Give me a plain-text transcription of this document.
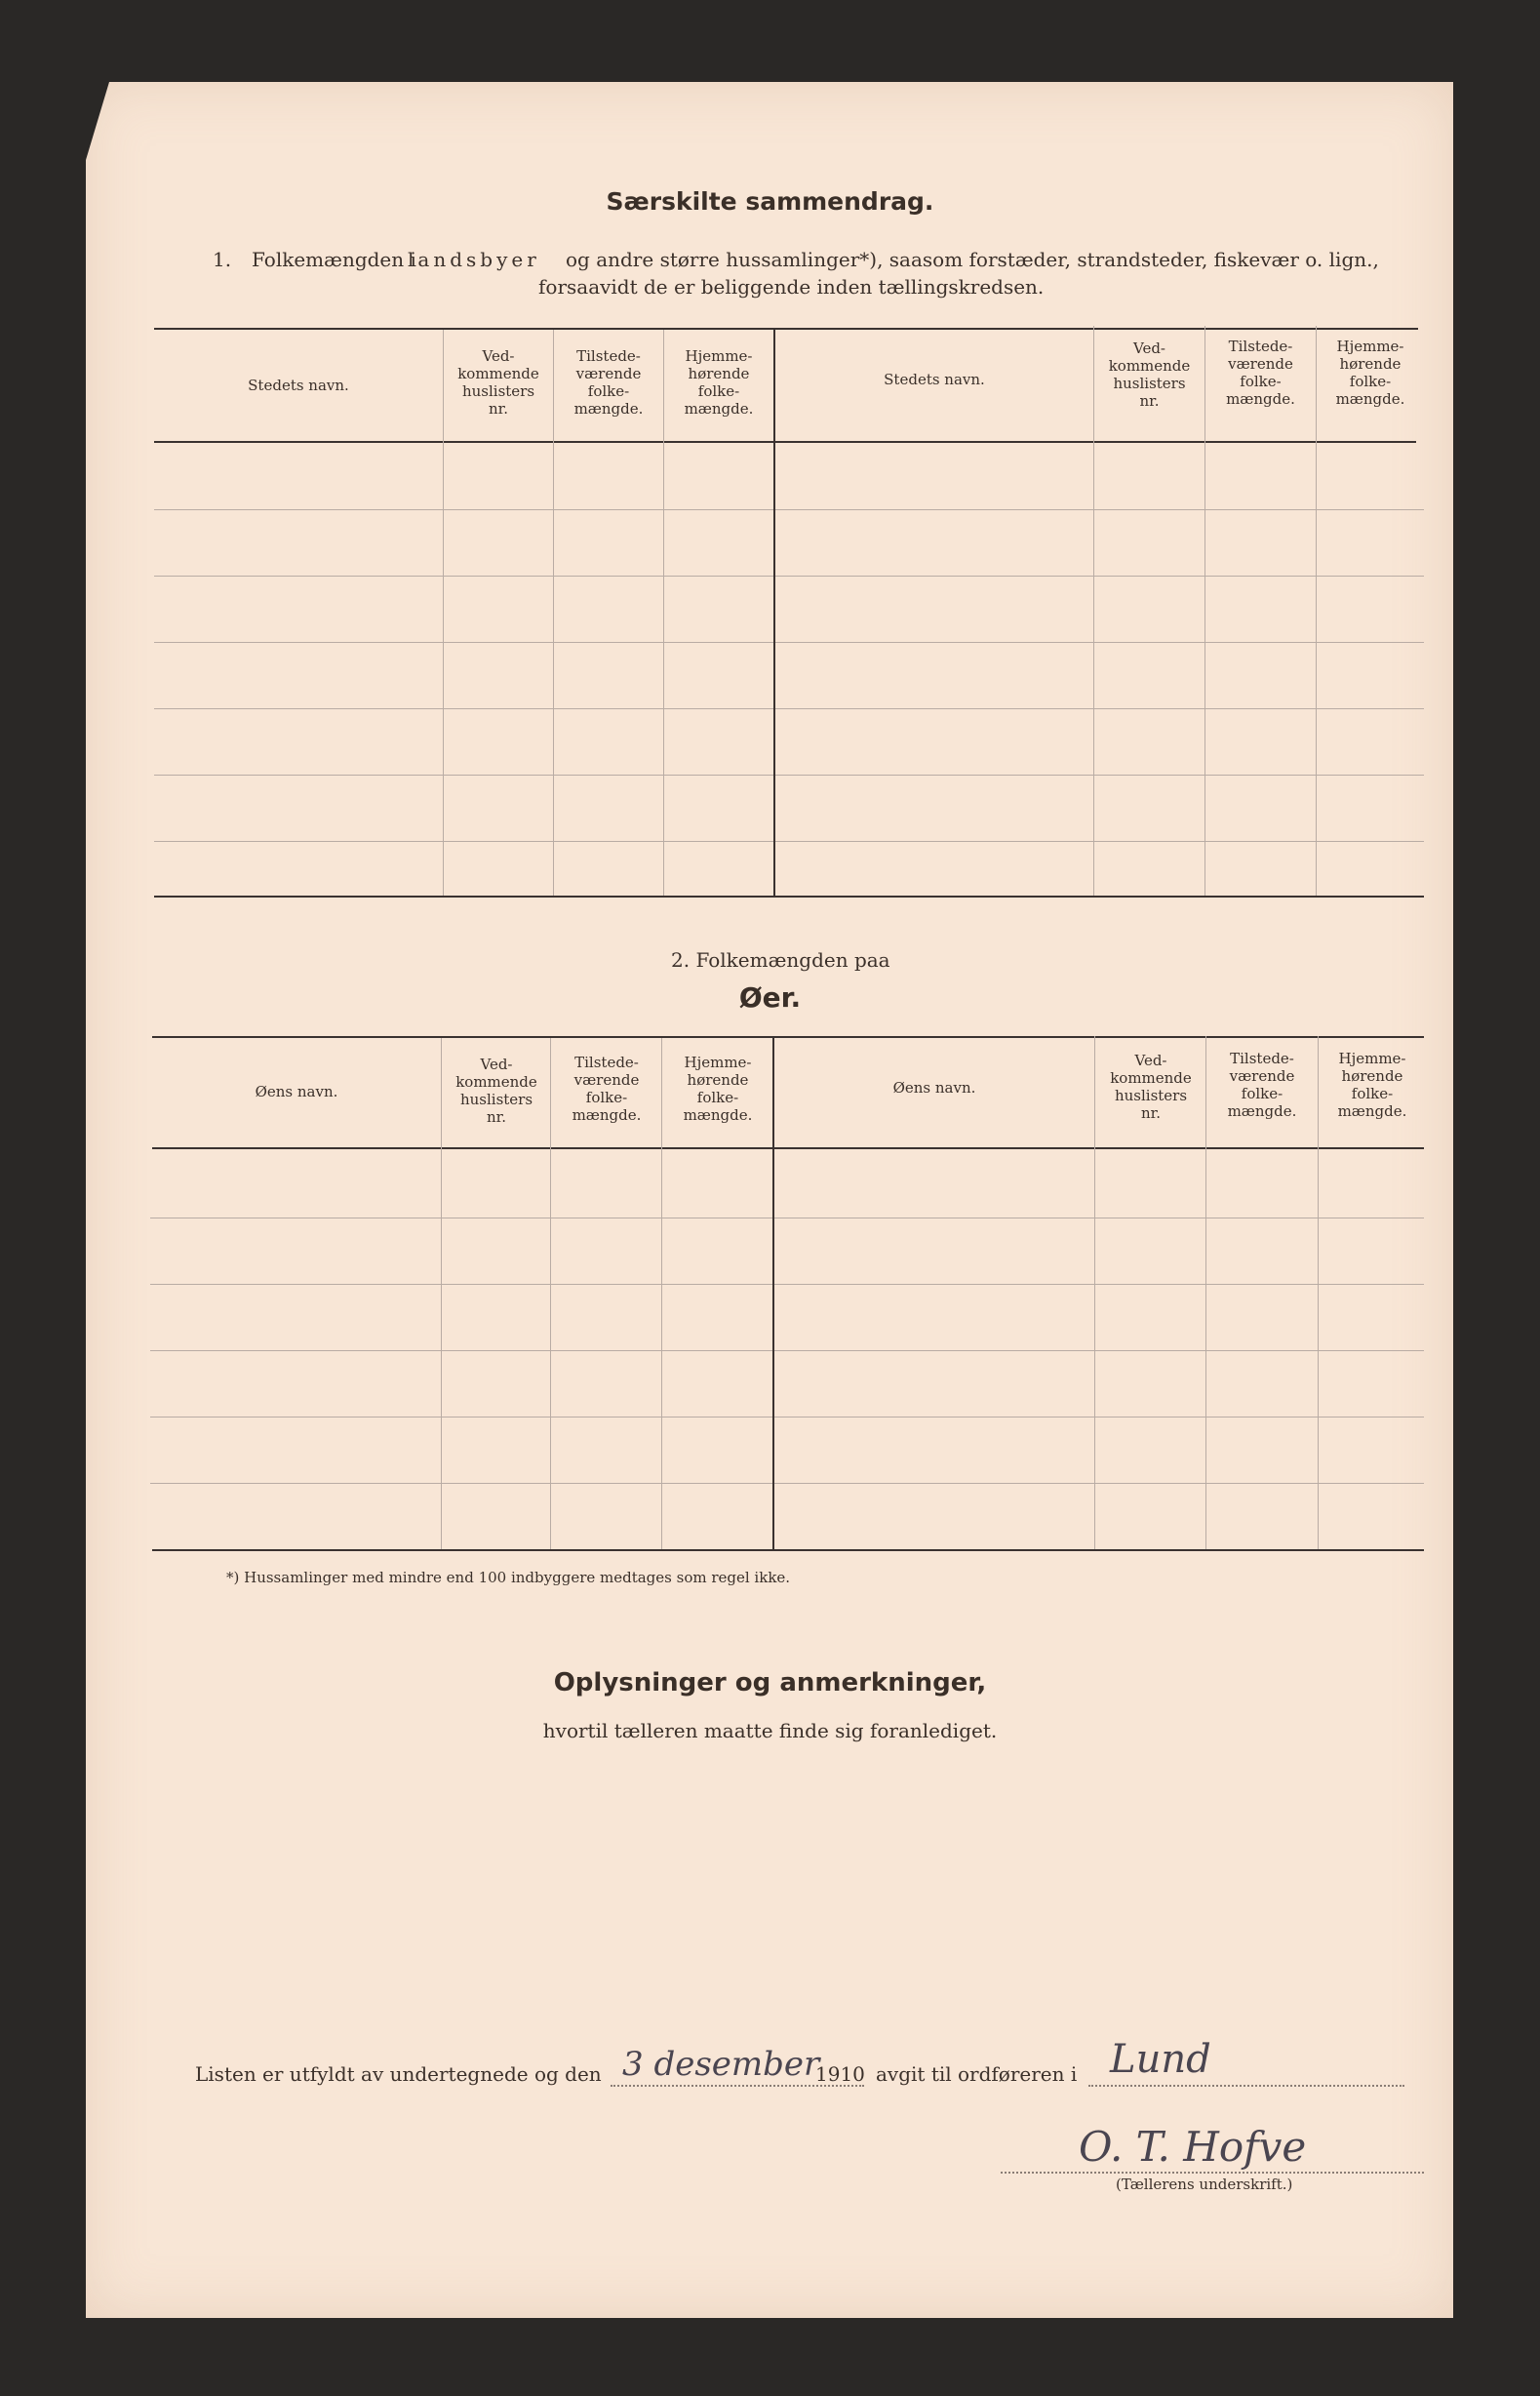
Særskilte sammendrag.
1. Folkemængden i
landsbyer og andre større hussamlinger*), saasom forstæder, strandsteder, fiskevær o. lign.,
forsaavidt de er beliggende inden tællingskredsen.
Stedets navn.
Ved-
kommende
huslisters
nr.
Tilstede-
værende
folke-
mængde.
Hjemme-
hørende
folke-
mængde.
Stedets navn.
Ved-
kommende
huslisters
nr.
Tilstede-
værende
folke-
mængde.
Hjemme-
hørende
folke-
mængde.
2. Folkemængden paa
Øer.
Øens navn.
Ved-
kommende
huslisters
nr.
Tilstede-
værende
folke-
mængde.
Hjemme-
hørende
folke-
mængde.
Øens navn.
Ved-
kommende
huslisters
nr.
Tilstede-
værende
folke-
mængde.
Hjemme-
hørende
folke-
mængde.
*) Hussamlinger med mindre end 100 indbyggere medtages som regel ikke.
Oplysninger og anmerkninger,
hvortil tælleren maatte finde sig foranlediget.
Listen er utfyldt av undertegnede og den 3 desember
1910 avgit til ordføreren i Lund
O. T. Hofve
(Tællerens underskrift.)
